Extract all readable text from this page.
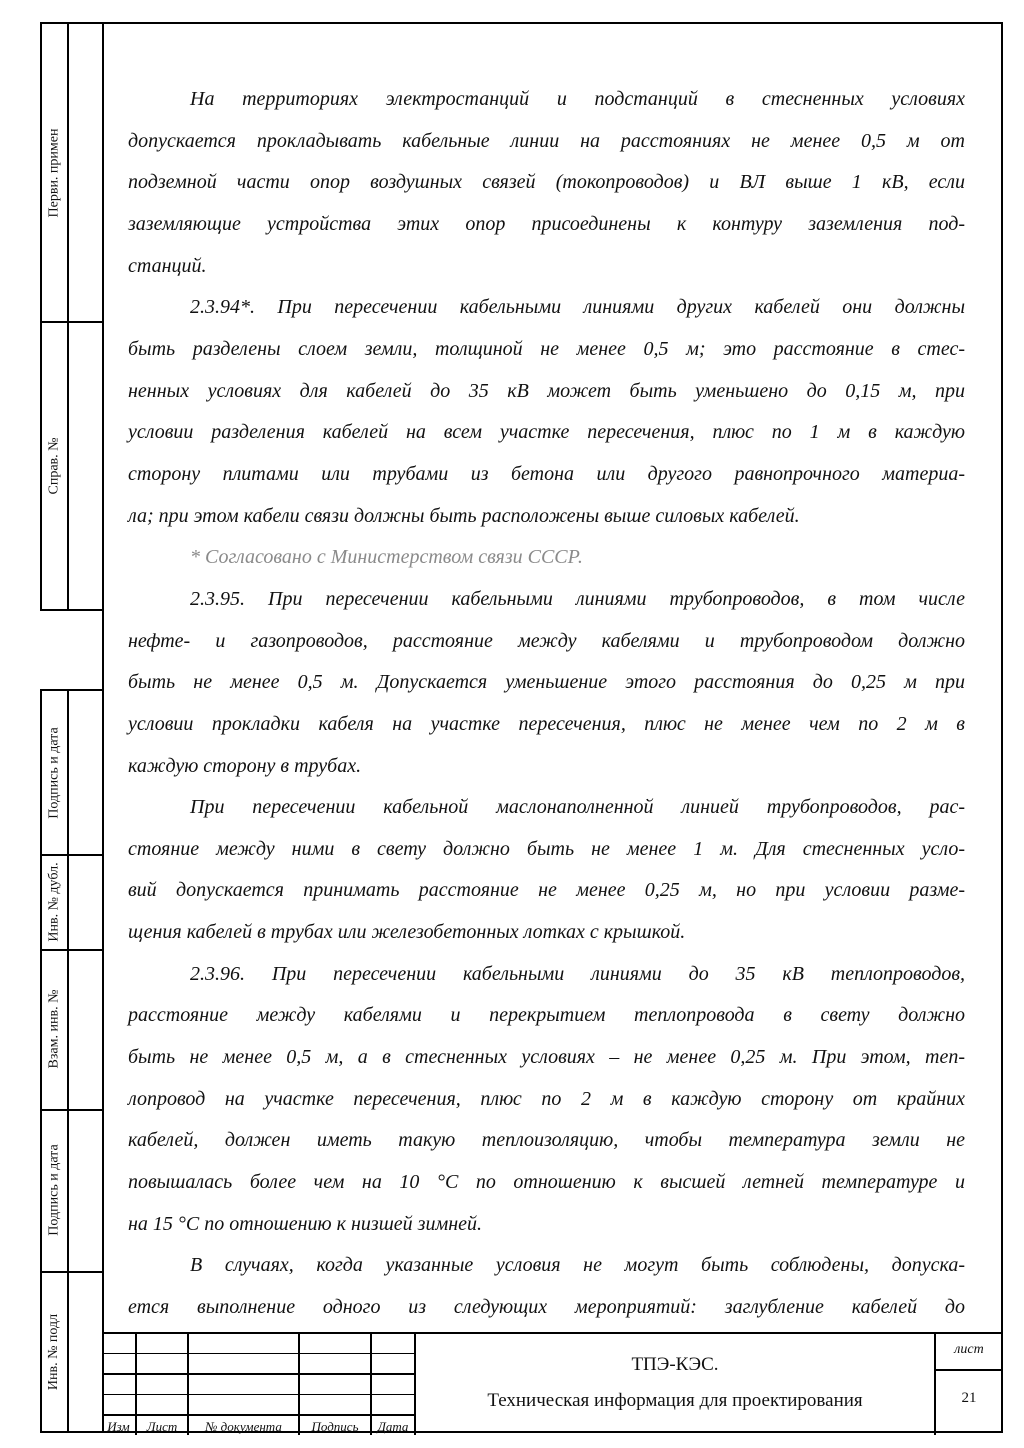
Перви. примен
Справ. №
Подпись и дата
Инв. № дубл.
Взам. инв. №
Подпись и дата
Инв. № подл
На территориях электростанций и подстанций в стесненных условиях
допускается прокладывать кабельные линии на расстояниях не менее 0,5 м от
подземной части опор воздушных связей (токопроводов) и ВЛ выше 1 кВ, если
заземляющие устройства этих опор присоединены к контуру заземления под-
станций.
2.3.94*. При пересечении кабельными линиями других кабелей они должны
быть разделены слоем земли, толщиной не менее 0,5 м; это расстояние в стес-
ненных условиях для кабелей до 35 кВ может быть уменьшено до 0,15 м, при
условии разделения кабелей на всем участке пересечения, плюс по 1 м в каждую
сторону плитами или трубами из бетона или другого равнопрочного материа-
ла; при этом кабели связи должны быть расположены выше силовых кабелей.
* Согласовано с Министерством связи СССР.
2.3.95. При пересечении кабельными линиями трубопроводов, в том числе
нефте- и газопроводов, расстояние между кабелями и трубопроводом должно
быть не менее 0,5 м. Допускается уменьшение этого расстояния до 0,25 м при
условии прокладки кабеля на участке пересечения, плюс не менее чем по 2 м в
каждую сторону в трубах.
При пересечении кабельной маслонаполненной линией трубопроводов, рас-
стояние между ними в свету должно быть не менее 1 м. Для стесненных усло-
вий допускается принимать расстояние не менее 0,25 м, но при условии разме-
щения кабелей в трубах или железобетонных лотках с крышкой.
2.3.96. При пересечении кабельными линиями до 35 кВ теплопроводов,
расстояние между кабелями и перекрытием теплопровода в свету должно
быть не менее 0,5 м, а в стесненных условиях – не менее 0,25 м. При этом, теп-
лопровод на участке пересечения, плюс по 2 м в каждую сторону от крайних
кабелей, должен иметь такую теплоизоляцию, чтобы температура земли не
повышалась более чем на 10 °С по отношению к высшей летней температуре и
на 15 °С по отношению к низшей зимней.
В случаях, когда указанные условия не могут быть соблюдены, допуска-
ется выполнение одного из следующих мероприятий: заглубление кабелей до
Изм	Лист	№ документа	Подпись	Дата
ТПЭ-КЭС.
Техническая информация для проектирования
лист
21
